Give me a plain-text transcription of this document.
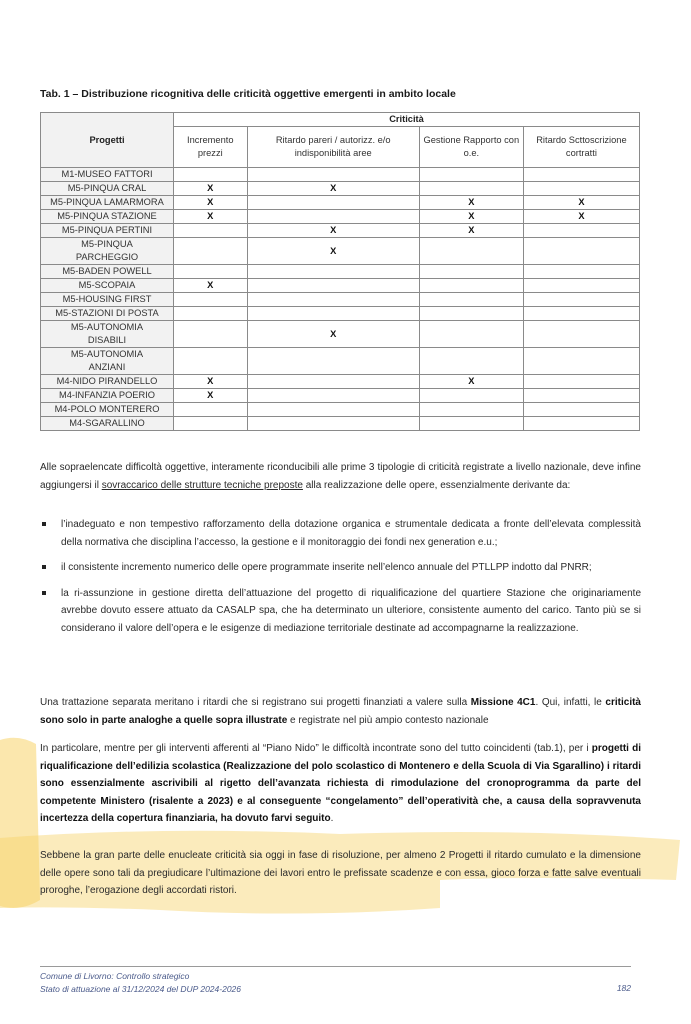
Tab. 1 – Distribuzione ricognitiva delle criticità oggettive emergenti in ambito locale
Progetti	Criticità			
	Incremento prezzi	Ritardo pareri / autorizz. e/o indisponibilità aree	Gestione Rapporto con o.e.	Ritardo Scttoscrizione cortratti
M1-MUSEO FATTORI				
M5-PINQUA CRAL	X	X		
M5-PINQUA LAMARMORA	X		X	X
M5-PINQUA STAZIONE	X		X	X
M5-PINQUA PERTINI		X	X	
M5-PINQUA PARCHEGGIO		X		
M5-BADEN POWELL				
M5-SCOPAIA	X			
M5-HOUSING FIRST				
M5-STAZIONI DI POSTA				
M5-AUTONOMIA DISABILI		X		
M5-AUTONOMIA ANZIANI				
M4-NIDO PIRANDELLO	X		X	
M4-INFANZIA POERIO	X			
M4-POLO MONTERERO				
M4-SGARALLINO				
Alle sopraelencate difficoltà oggettive, interamente riconducibili alle prime 3 tipologie di criticità registrate a livello nazionale, deve infine aggiungersi il sovraccarico delle strutture tecniche preposte alla realizzazione delle opere, essenzialmente derivante da:
l’inadeguato e non tempestivo rafforzamento della dotazione organica e strumentale dedicata a fronte dell’elevata complessità della normativa che disciplina l’accesso, la gestione e il monitoraggio dei fondi nex generation e.u.;
il consistente incremento numerico delle opere programmate inserite nell’elenco annuale del PTLLPP indotto dal PNRR;
la ri-assunzione in gestione diretta dell’attuazione del progetto di riqualificazione del quartiere Stazione che originariamente avrebbe dovuto essere attuato da CASALP spa, che ha determinato un ulteriore, consistente aumento del carico. Tanto più se si considerano il valore dell’opera e le esigenze di mediazione territoriale destinate ad accompagnarne la realizzazione.
Una trattazione separata meritano i ritardi che si registrano sui progetti finanziati a valere sulla Missione 4C1. Qui, infatti, le criticità sono solo in parte analoghe a quelle sopra illustrate e registrate nel più ampio contesto nazionale
In particolare, mentre per gli interventi afferenti al “Piano Nido” le difficoltà incontrate sono del tutto coincidenti (tab.1), per i progetti di riqualificazione dell’edilizia scolastica (Realizzazione del polo scolastico di Montenero e della Scuola di Via Sgarallino) i ritardi sono essenzialmente ascrivibili al rigetto dell’avanzata richiesta di rimodulazione del cronoprogramma da parte del competente Ministero (risalente a 2023) e al conseguente “congelamento” dell’operatività che, a causa della sopravvenuta incertezza della copertura finanziaria, ha dovuto farvi seguito.
Sebbene la gran parte delle enucleate criticità sia oggi in fase di risoluzione, per almeno 2 Progetti il ritardo cumulato e la dimensione delle opere sono tali da pregiudicare l’ultimazione dei lavori entro le prefissate scadenze e con essa, gioco forza e fatte salve eventuali proroghe, l’erogazione degli accordati ristori.
Comune di Livorno: Controllo strategico
Stato di attuazione al 31/12/2024 del DUP 2024-2026	182
